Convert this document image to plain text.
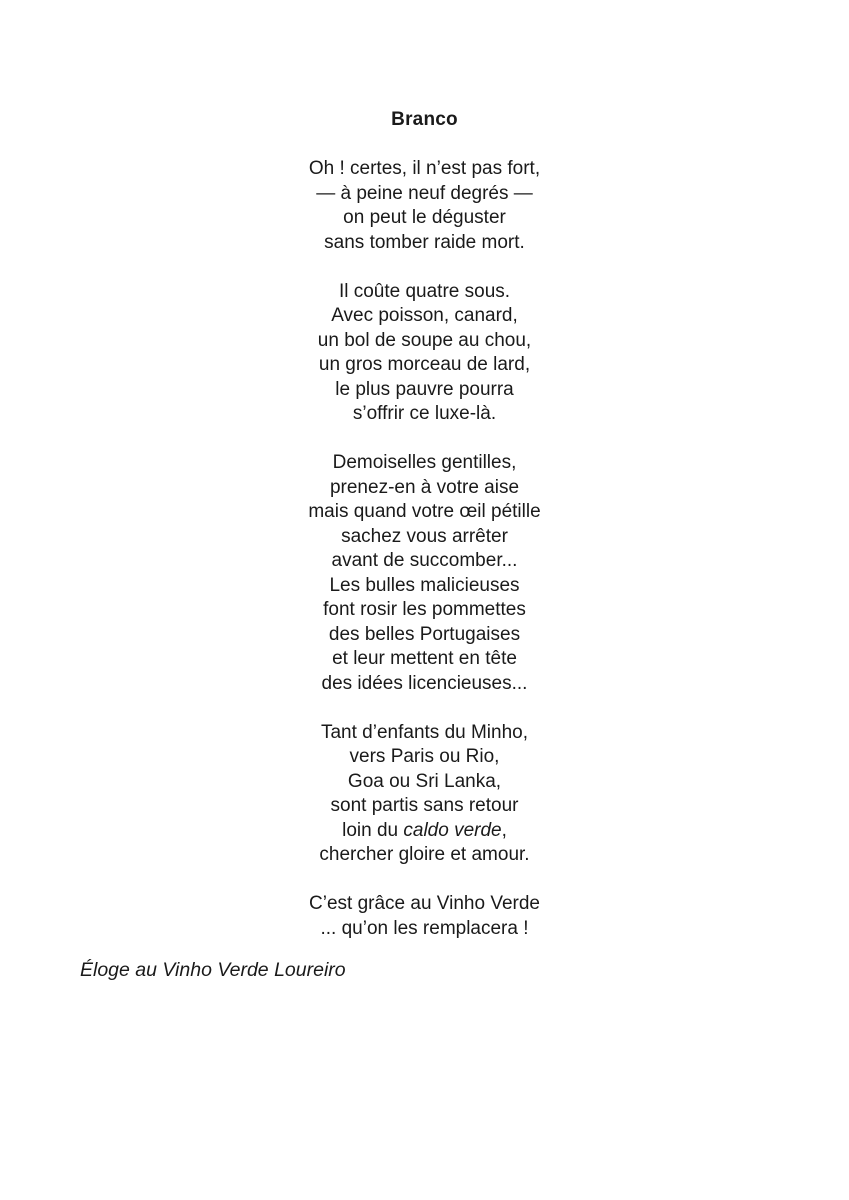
Branco
Oh ! certes, il n’est pas fort,
— à peine neuf degrés —
on peut le déguster
sans tomber raide mort.
Il coûte quatre sous.
Avec poisson, canard,
un bol de soupe au chou,
un gros morceau de lard,
le plus pauvre pourra
s’offrir ce luxe-là.
Demoiselles gentilles,
prenez-en à votre aise
mais quand votre œil pétille
sachez vous arrêter
avant de succomber...
Les bulles malicieuses
font rosir les pommettes
des belles Portugaises
et leur mettent en tête
des idées licencieuses...
Tant d’enfants du Minho,
vers Paris ou Rio,
Goa ou Sri Lanka,
sont partis sans retour
loin du caldo verde,
chercher gloire et amour.
C’est grâce au Vinho Verde
... qu’on les remplacera !

Éloge au Vinho Verde Loureiro
